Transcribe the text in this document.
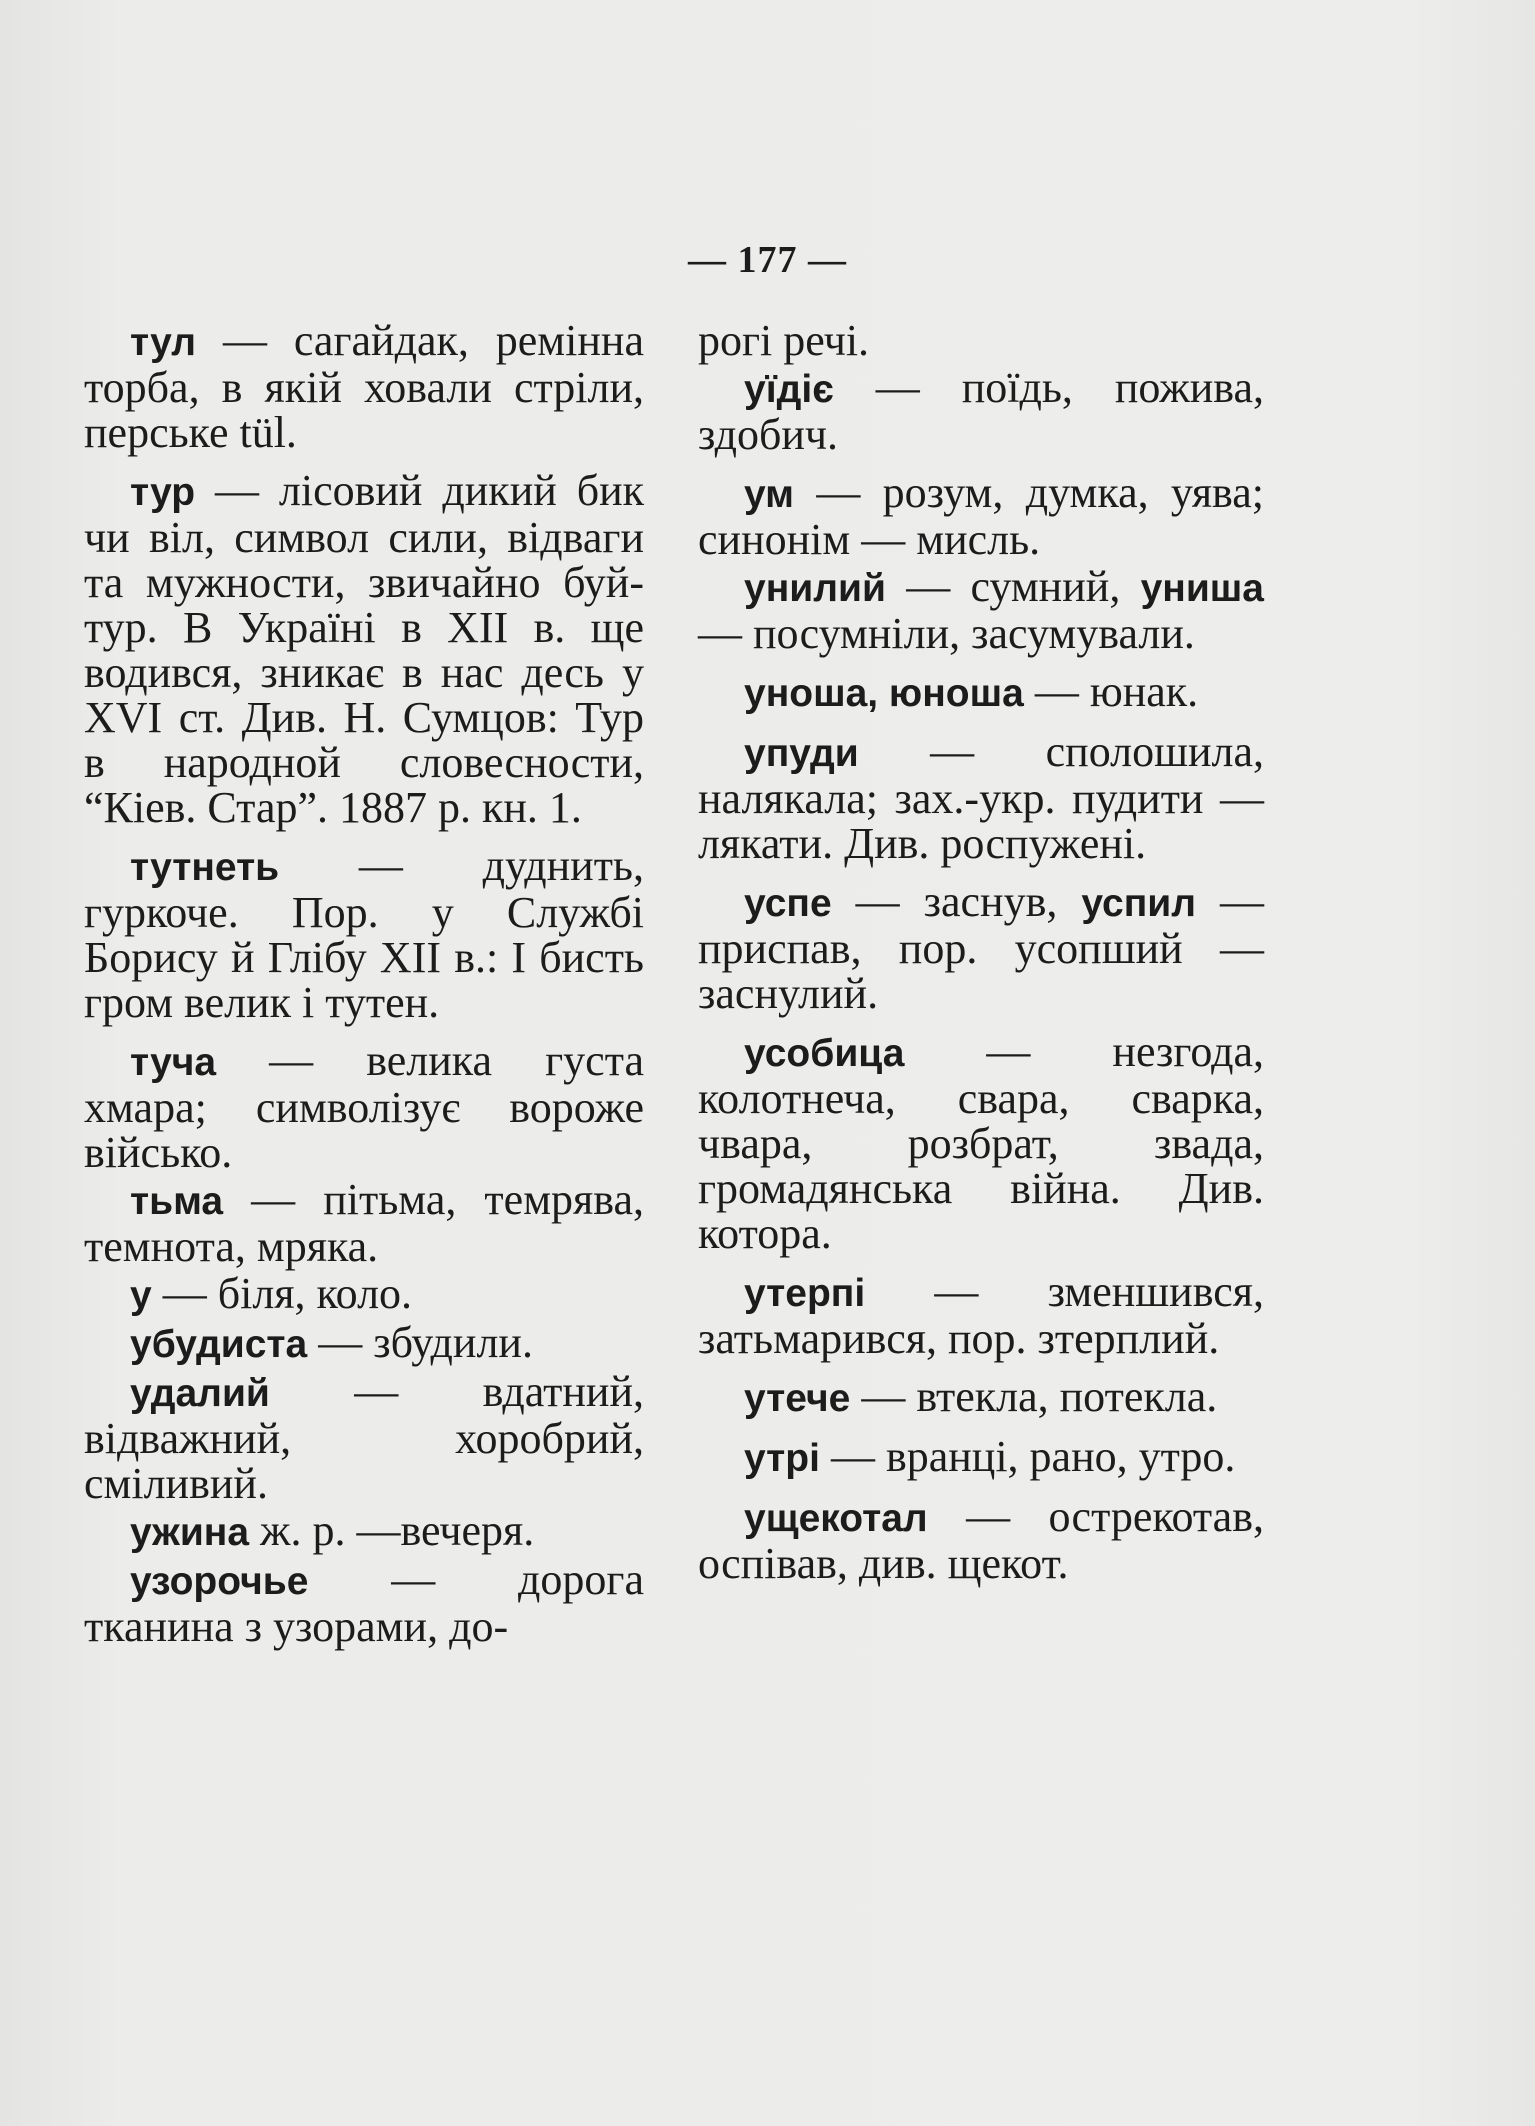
— 177 —

тул — сагайдак, ремінна торба, в якій ховали стріли, перське tül.

тур — лісовий дикий бик чи віл, символ сили, відваги та мужности, звичайно буй-тур. В Україні в XII в. ще водився, зникає в нас десь у XVI ст. Див. Н. Сумцов: Тур в народной словесности, “Кіев. Стар”. 1887 р. кн. 1.

тутнеть — дуднить, гуркоче. Пор. у Службі Борису й Глібу XII в.: І бисть гром велик і тутен.

туча — велика густа хмара; символізує вороже військо.

тьма — пітьма, темрява, темнота, мряка.

у — біля, коло.

убудиста — збудили.

удалий — вдатний, відважний, хоробрий, сміливий.

ужина ж. р. —вечеря.

узорочье — дорога тканина з узорами, до-

рогі речі.

уїдіє — поїдь, пожива, здобич.

ум — розум, думка, уява; синонім — мисль.

унилий — сумний, униша — посумніли, засумували.

уноша, юноша — юнак.

упуди — сполошила, налякала; зах.-укр. пудити — лякати. Див. роспужені.

успе — заснув, успил — приспав, пор. усопший — заснулий.

усобица — незгода, колотнеча, свара, сварка, чвара, розбрат, звада, громадянська війна. Див. котора.

утерпі — зменшився, затьмарився, пор. зтерплий.

утече — втекла, потекла.

утрі — вранці, рано, утро.

ущекотал — острекотав, оспівав, див. щекот.
